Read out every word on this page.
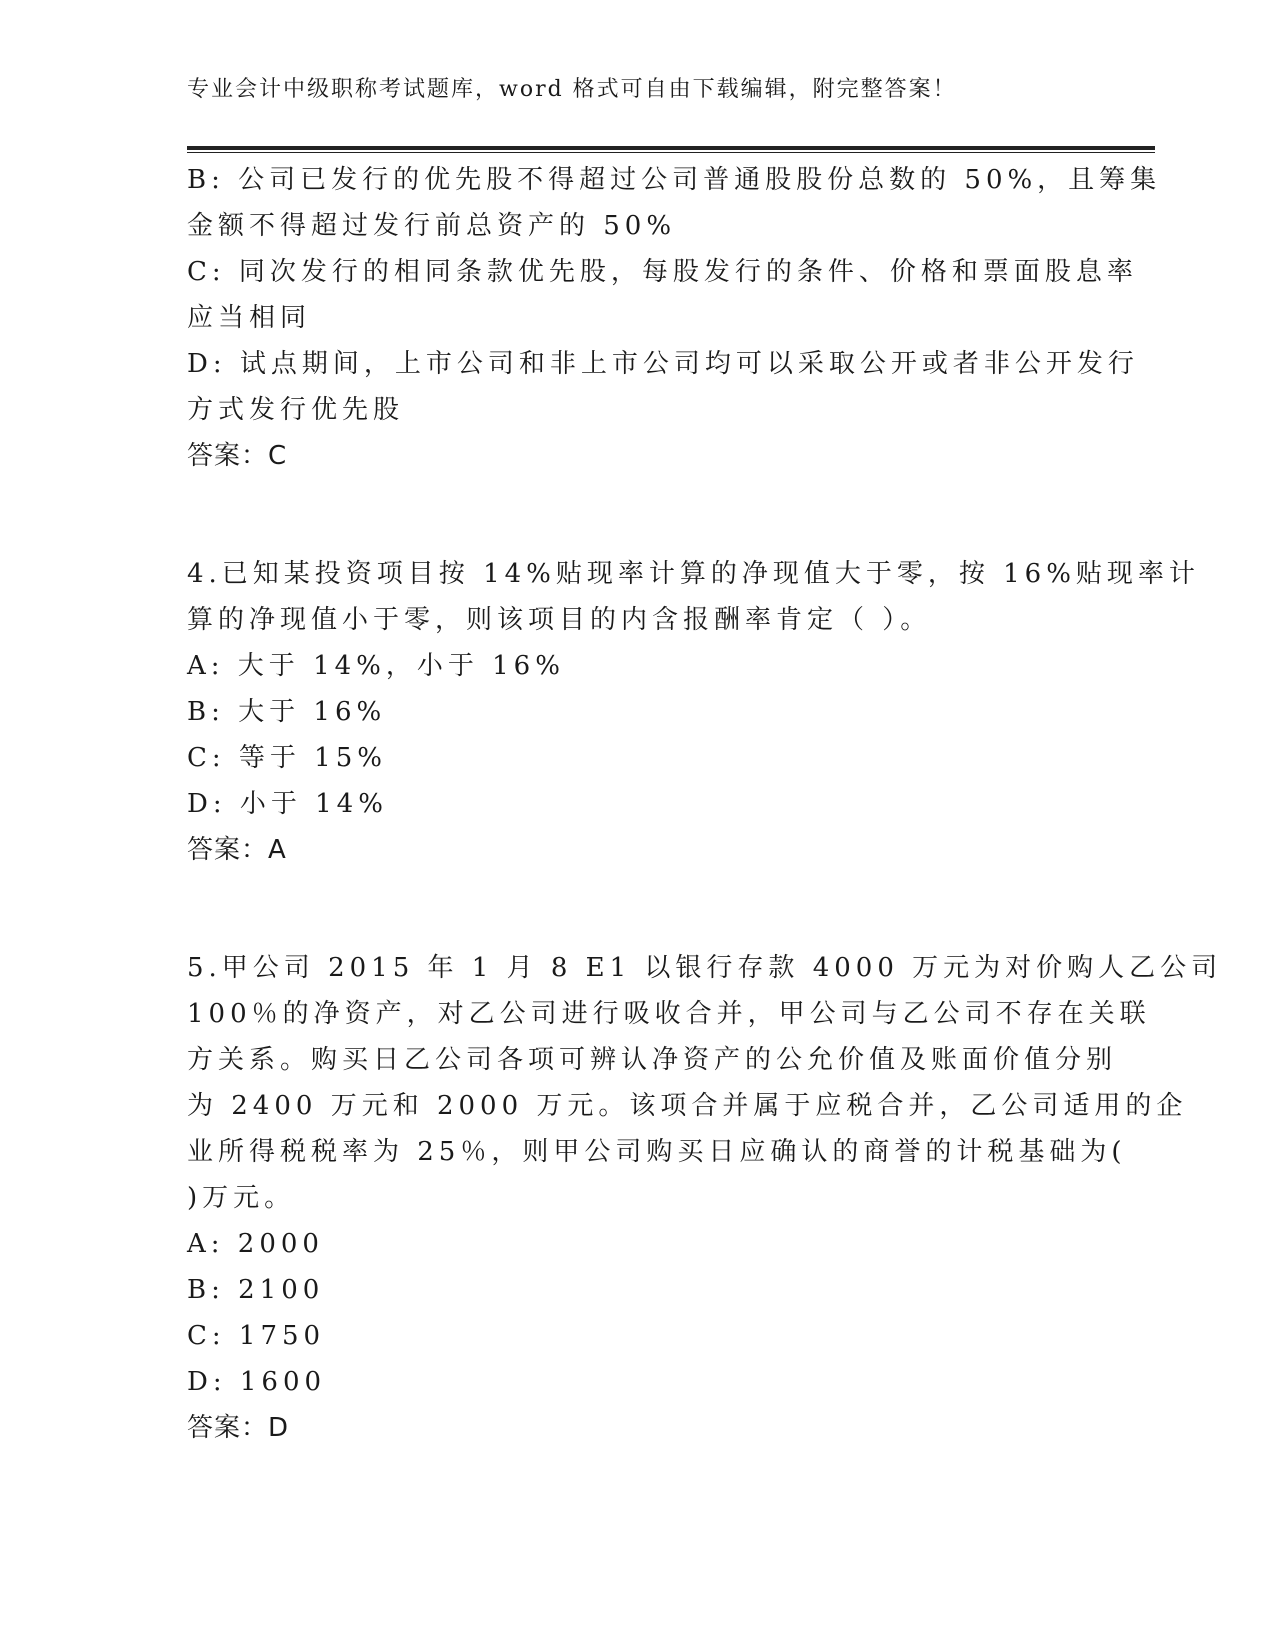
专业会计中级职称考试题库，word 格式可自由下载编辑，附完整答案！
B: 公司已发行的优先股不得超过公司普通股股份总数的 50%，且筹集
金额不得超过发行前总资产的 50%
C: 同次发行的相同条款优先股，每股发行的条件、价格和票面股息率
应当相同
D: 试点期间，上市公司和非上市公司均可以采取公开或者非公开发行
方式发行优先股
答案：C
4.已知某投资项目按 14%贴现率计算的净现值大于零，按 16%贴现率计
算的净现值小于零，则该项目的内含报酬率肯定（ ）。
A: 大于 14%，小于 16%
B: 大于 16%
C: 等于 15%
D: 小于 14%
答案：A
5.甲公司 2015 年 1 月 8 E1 以银行存款 4000 万元为对价购人乙公司
100％的净资产，对乙公司进行吸收合并，甲公司与乙公司不存在关联
方关系。购买日乙公司各项可辨认净资产的公允价值及账面价值分别
为 2400 万元和 2000 万元。该项合并属于应税合并，乙公司适用的企
业所得税税率为 25％，则甲公司购买日应确认的商誉的计税基础为(
)万元。
A: 2000
B: 2100
C: 1750
D: 1600
答案：D
